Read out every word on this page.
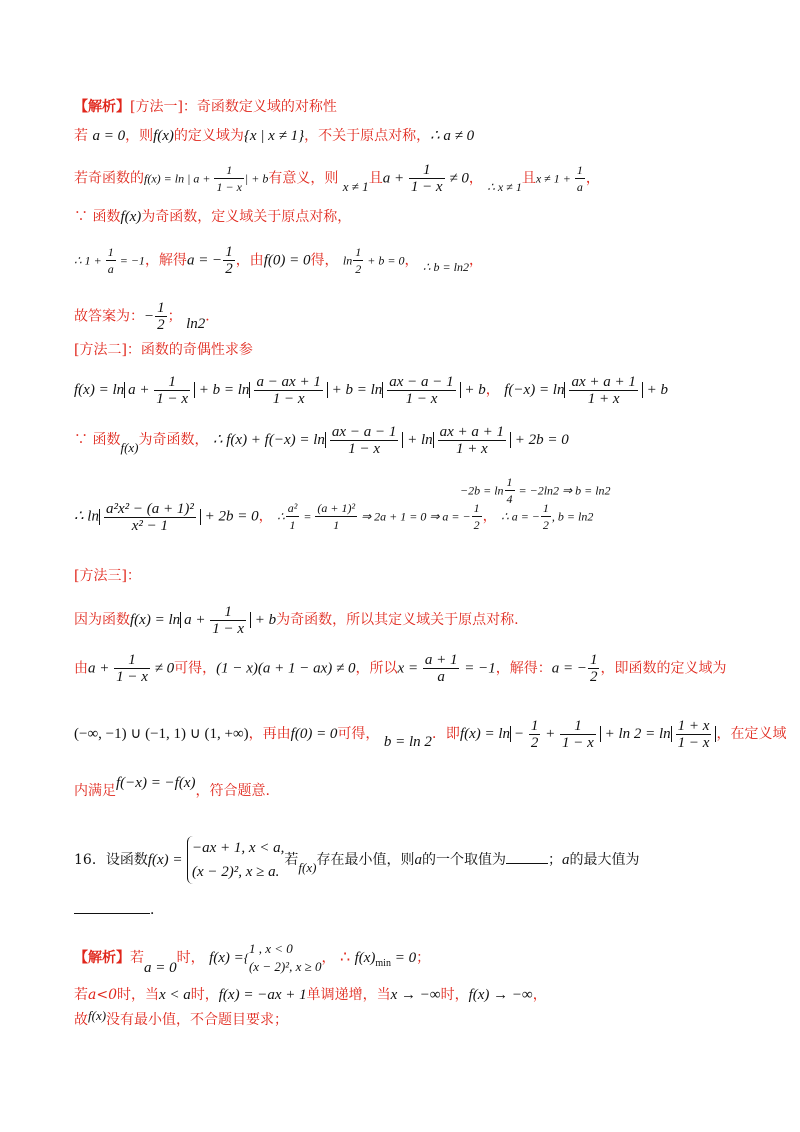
【解析】[方法一]：奇函数定义域的对称性
若 a = 0，则f(x)的定义域为{x | x ≠ 1}，不关于原点对称，∴ a ≠ 0
若奇函数的f(x) = ln | $a + \frac{1}{1 - x}$ | + b有意义，则 x ≠ 1且$a + \frac{1}{1 - x} \ne 0$， ∴ x ≠ 1且$x \ne 1 + \frac{1}{a}$ ，
∵ 函数f(x)为奇函数，定义域关于原点对称，
∴ $1 + \frac{1}{a} = -1$，解得a = − $\frac{1}{2}$ ，由f(0) = 0得， $\ln \frac{1}{2} + b = 0$， ∴ b = ln2，
故答案为：− $\frac{1}{2}$ ； ln2．
[方法二]：函数的奇偶性求参
$f(x) = \ln a + \frac{1}{1 - x} + b = \ln \frac{a - ax + 1}{1 - x} + b = \ln \frac{ax - a - 1}{1 - x} + b$， $f(-x) = \ln \frac{ax + a + 1}{1 + x} + b$
∵ 函数f(x)为奇函数， ∴ $f(x) + f(-x) = \ln \frac{ax - a - 1}{1 - x} + \ln \frac{ax + a + 1}{1 + x} + 2b = 0$
$-2b = \ln \frac{1}{4} = -2\ln 2$ ⇒ b = ln2
∴ $\ln \frac{\text{a²x² − (a + 1)²}}{\text{x² − 1}} + 2b = 0$， ∴ $\frac{\text{a²}}{1} = \frac{\text{(a + 1)²}}{1}$ ⇒ 2a + 1 = 0 ⇒ a = − $\frac{1}{2}$ ， ∴ a = − $\frac{1}{2}$ , b = ln2
[方法三]：
因为函数$f(x) = \ln a + \frac{1}{1 - x} + b$为奇函数，所以其定义域关于原点对称.
由$a + \frac{1}{1 - x} \ne 0$可得，(1 − x)(a + 1 − ax) ≠ 0，所以$x = \frac{a + 1}{a} = -1$，解得：a = − $\frac{1}{2}$ ，即函数的定义域为
(−∞, −1) ∪ (−1, 1) ∪ (1, +∞)，再由f(0) = 0可得， b = ln 2．即$f(x) = \ln - \frac{1}{2} + \frac{1}{1 - x} + \ln 2 = \ln \frac{1 + x}{1 - x}$ ，在定义域
内满足f(−x) = −f(x)，符合题意.
16．设函数f(x) =
−ax + 1, x < a,
(x − 2)², x ≥ a.
若f(x)存在最小值，则a的一个取值为	；a的最大值为
．
【解析】若a = 0时， f(x) ={
1 , x < 0
(x − 2)², x ≥ 0
， ∴ $f(x)_{min} = 0$；
若a<0时，当x < a时，f(x) = −ax + 1单调递增，当x → −∞时，f(x) → −∞，
故f(x)没有最小值，不合题目要求；
